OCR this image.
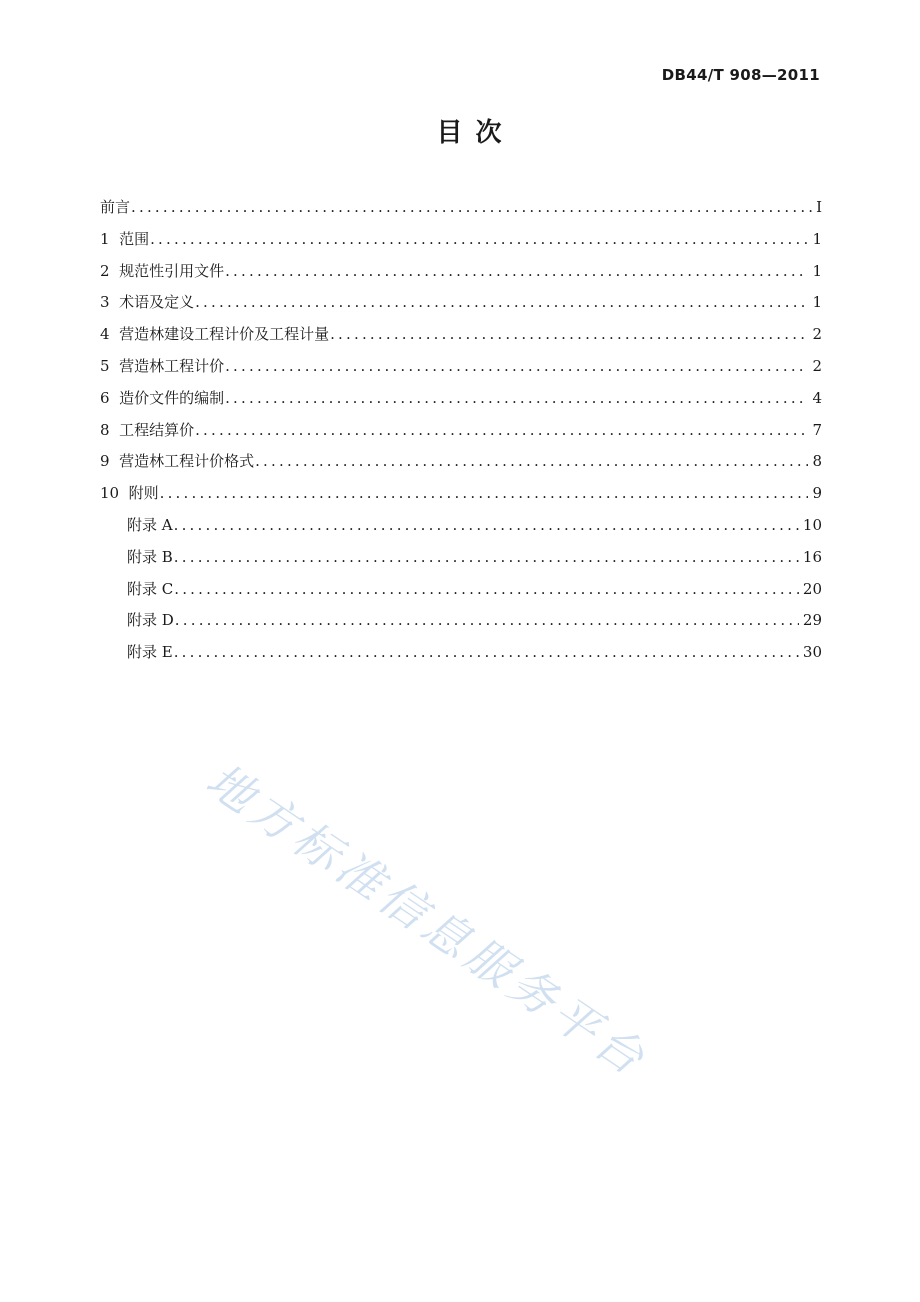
DB44/T 908—2011
目 次
前言 .....	I
1  范围 .....	1
2  规范性引用文件 .....	1
3  术语及定义 .....	1
4  营造林建设工程计价及工程计量 .....	2
5  营造林工程计价 .....	2
6  造价文件的编制 .....	4
8  工程结算价 .....	7
9  营造林工程计价格式 .....	8
10  附则 .....	9
附录 A .....	10
附录 B .....	16
附录 C .....	20
附录 D .....	29
附录 E .....	30
地方标准信息服务平台
